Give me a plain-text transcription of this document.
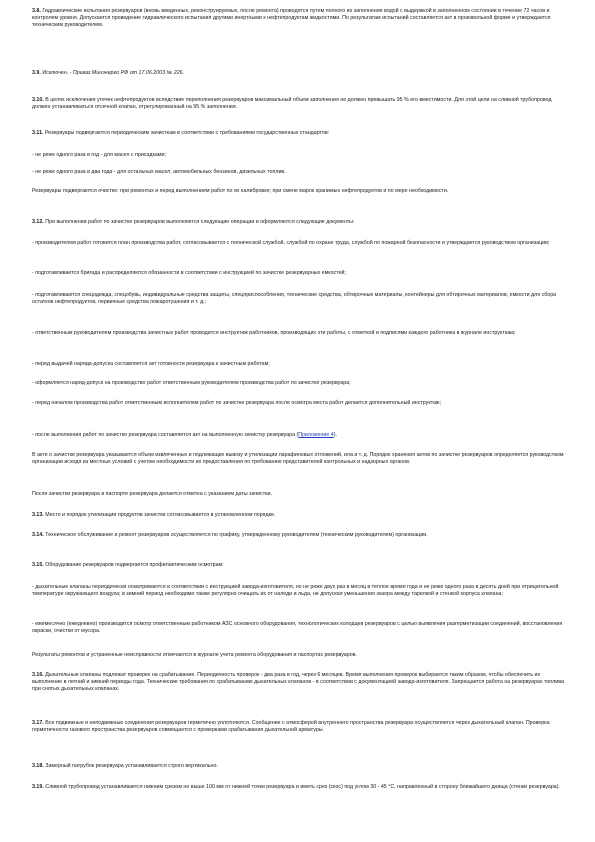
3.8. Гидравлические испытания резервуаров (вновь введенных, реконструируемых, после ремонта) проводятся путем полного их заполнения водой с выдержкой в заполненном состоянии в течение 72 часов и контролем уровня. Допускается проведение гидравлического испытания другими инертными к нефтепродуктам жидкостями. По результатам испытаний составляется акт в произвольной форме и утверждается техническим руководителем.

3.9. Исключен. - Приказ Минэнерго РФ от 17.06.2003 № 226.

3.10. В целях исключения утечек нефтепродуктов вследствие переполнения резервуаров максимальный объем заполнения не должен превышать 95 % его вместимости. Для этой цели на сливной трубопровод должен устанавливаться отсечной клапан, отрегулированный на 95 % заполнения.

3.11. Резервуары подвергаются периодическим зачисткам в соответствии с требованиями государственных стандартов:

- не реже одного раза в год - для масел с присадками;

- не реже одного раза в два года - для остальных масел, автомобильных бензинов, дизельных топлив.

Резервуары подвергаются очистке: при ремонтах и перед выполнением работ по их калибровке; при смене марок хранимых нефтепродуктов и по мере необходимости.

3.12. При выполнении работ по зачистке резервуаров выполняются следующие операции и оформляются следующие документы:

- производителем работ готовится план производства работ, согласовывается с технической службой, службой по охране труда, службой по пожарной безопасности и утверждается руководством организации;

- подготавливается бригада и распределяются обязанности в соответствии с инструкцией по зачистке резервуарных емкостей;

- подготавливаются спецодежда, спецобувь, индивидуальные средства защиты, спецприспособления, технические средства, обтирочные материалы, контейнеры для обтирочных материалов, емкости для сбора остатков нефтепродуктов, первичные средства пожаротушения и т. д.;

- ответственным руководителем производства зачистных работ проводится инструктаж работников, производящих эти работы, с отметкой и подписями каждого работника в журнале инструктажа;

- перед выдачей наряда-допуска составляется акт готовности резервуара к зачистным работам;

- оформляется наряд-допуск на производство работ ответственным руководителем производства работ по зачистке резервуара;

- перед началом производства работ ответственным исполнителем работ по зачистке резервуара после осмотра места работ делается дополнительный инструктаж;

- после выполнения работ по зачистке резервуара составляется акт на выполненную зачистку резервуара (Приложение 4).

В акте о зачистке резервуара указывается объем извлеченных и подлежащих вывозу и утилизации парафиновых отложений, ила и т. д. Порядок хранения актов по зачистке резервуаров определяется руководством организации исходя из местных условий с учетом необходимости их предоставления по требованию представителей контрольных и надзорных органов.

После зачистки резервуара в паспорте резервуара делается отметка с указанием даты зачистки.

3.13. Место и порядок утилизации продуктов зачистки согласовывается в установленном порядке.

3.14. Техническое обслуживание и ремонт резервуаров осуществляется по графику, утвержденному руководителем (техническим руководителем) организации.

3.15. Оборудование резервуаров подвергается профилактическим осмотрам:

- дыхательные клапаны периодически осматриваются в соответствии с инструкцией завода-изготовителя, но не реже двух раз в месяц в теплое время года и не реже одного раза в десять дней при отрицательной температуре окружающего воздуха; в зимний период необходимо также регулярно очищать их от наледи и льда, не допуская уменьшения зазора между тарелкой и стенкой корпуса клапана;

- ежемесячно (ежедневно) производится осмотр ответственным работником АЗС основного оборудования, технологических колодцев резервуаров с целью выявления разгерметизации соединений, восстановления окраски, очистки от мусора.

Результаты ремонтов и устраненные неисправности отмечаются в журнале учета ремонта оборудования и паспортах резервуаров.

3.16. Дыхательные клапаны подлежат проверке на срабатывание. Периодичность проверок - два раза в год, через 6 месяцев. Время выполнения проверок выбирается таким образом, чтобы обеспечить их выполнение в летний и зимний периоды года. Технические требования по срабатыванию дыхательных клапанов - в соответствии с документацией завода-изготовителя. Запрещается работа на резервуарах топлива при снятых дыхательных клапанах.

3.17. Все подвижные и неподвижные соединения резервуаров герметично уплотняются. Сообщение с атмосферой внутреннего пространства резервуара осуществляется через дыхательный клапан. Проверка герметичности газового пространства резервуаров совмещается с проверками срабатывания дыхательной арматуры.

3.18. Замерный патрубок резервуара устанавливается строго вертикально.

3.19. Сливной трубопровод устанавливается нижним срезом не выше 100 мм от нижней точки резервуара и иметь срез (скос) под углом 30 - 45 °С, направленный в сторону ближайшего днища (стенки резервуара).
